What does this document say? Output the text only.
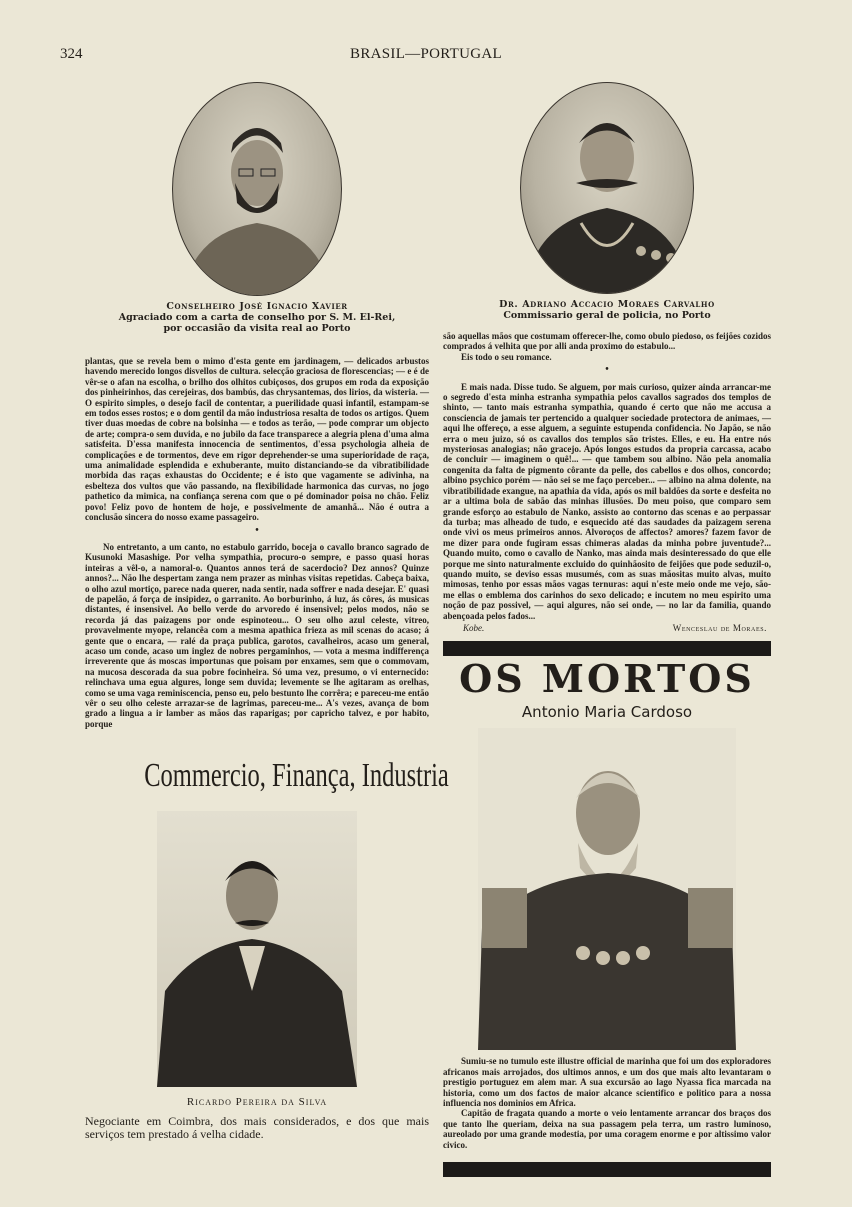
324	BRASIL—PORTUGAL
Conselheiro José Ignacio Xavier
Agraciado com a carta de conselho por S. M. El-Rei,
por occasião da visita real ao Porto

plantas, que se revela bem o mimo d'esta gente em jardinagem, — delicados arbustos havendo merecido longos disvellos de cultura. selecção graciosa de florescencias; — e é de vêr-se o afan na escolha, o brilho dos olhitos cubiçosos, dos grupos em roda da exposição dos pinheirinhos, das cerejeiras, dos bambús, das chrysantemas, dos lirios, da wisteria. — O espirito simples, o desejo facil de contentar, a puerilidade quasi infantil, estampam-se em todos esses rostos; e o dom gentil da mão industriosa resalta de todos os artigos. Quem tiver duas moedas de cobre na bolsinha — e todos as terão, — pode comprar um objecto de arte; compra-o sem duvida, e no jubilo da face transparece a alegria plena d'uma alma satisfeita. D'essa manifesta innocencia de sentimentos, d'essa psychologia alheia de complicações e de tormentos, deve em rigor deprehender-se uma superioridade de raça, uma animalidade esplendida e exhuberante, muito distanciando-se da vibratibilidade morbida das raças exhaustas do Occidente; e é isto que vagamente se adivinha, na esbelteza dos vultos que vão passando, na flexibilidade harmonica das curvas, no jogo pathetico da mimica, na confiança serena com que o pé dominador poisa no chão. Feliz povo! Feliz povo de hontem de hoje, e possivelmente de amanhã... Não é outra a conclusão sincera do nosso exame passageiro.

•

No entretanto, a um canto, no estabulo garrido, boceja o cavallo branco sagrado de Kusunoki Masashige. Por velha sympathia, procuro-o sempre, e passo quasi horas inteiras a vêl-o, a namoral-o. Quantos annos terá de sacerdocio? Dez annos? Quinze annos?... Não lhe despertam zanga nem prazer as minhas visitas repetidas. Cabeça baixa, o olho azul mortiço, parece nada querer, nada sentir, nada soffrer e nada desejar. E' quasi de papelão, á força de insipidez, o garranito. Ao borburinho, á luz, ás côres, ás musicas distantes, é insensivel. Ao bello verde do arvoredo é insensivel; pelos modos, não se recorda já das paizagens por onde espinoteou... O seu olho azul celeste, vitreo, provavelmente myope, relancêa com a mesma apathica frieza as mil scenas do acaso; á gente que o encara, — ralé da praça publica, garotos, cavalheiros, acaso um general, acaso um conde, acaso um inglez de nobres pergaminhos, — vota a mesma indifferença irreverente que ás moscas importunas que poisam por enxames, sem que o commovam, na mucosa descorada da sua pobre focinheira. Só uma vez, presumo, o vi enternecido: relinchava uma egua algures, longe sem duvida; levemente se lhe agitaram as orelhas, como se uma vaga reminiscencia, penso eu, pelo bestunto lhe corrêra; e pareceu-me então vêr o seu olho celeste arrazar-se de lagrimas, pareceu-me... A's vezes, avança de bom grado a lingua a ir lamber as mãos das raparigas; por capricho talvez, e por habito, porque

Commercio, Finança, Industria
Ricardo Pereira da Silva
Negociante em Coimbra, dos mais considerados, e dos que mais serviços tem prestado á velha cidade.
Dr. Adriano Accacio Moraes Carvalho
Commissario geral de policia, no Porto

são aquellas mãos que costumam offerecer-lhe, como obulo piedoso, os feijões cozidos comprados á velhita que por alli anda proximo do estabulo...

Eis todo o seu romance.

•

E mais nada. Disse tudo. Se alguem, por mais curioso, quizer ainda arrancar-me o segredo d'esta minha estranha sympathia pelos cavallos sagrados dos templos de shinto, — tanto mais estranha sympathia, quando é certo que não me accusa a consciencia de jamais ter pertencido a qualquer sociedade protectora de animaes, — aqui lhe offereço, a esse alguem, a seguinte estupenda confidencia. No Japão, se não erra o meu juizo, só os cavallos dos templos são tristes. Elles, e eu. Ha entre nós mysteriosas analogias; não gracejo. Após longos estudos da propria carcassa, acabo de concluir — imaginem o quê!... — que tambem sou albino. Não pela anomalia congenita da falta de pigmento côrante da pelle, dos cabellos e dos olhos, concordo; albino psychico porém — não sei se me faço perceber... — albino na alma dolente, na vibratibilidade exangue, na apathia da vida, após os mil baldões da sorte e desfeita no ar a ultima bola de sabão das minhas illusões. Do meu poiso, que comparo sem grande esforço ao estabulo de Nanko, assisto ao contorno das scenas e ao perpassar da turba; mas alheado de tudo, e esquecido até das saudades da paizagem serena onde vivi os meus primeiros annos. Alvoroços de affectos? amores? fazem favor de me dizer para onde fugiram essas chimeras aladas da minha pobre juventude?... Quando muito, como o cavallo de Nanko, mas ainda mais desinteressado do que elle porque me sinto naturalmente excluido do quinhãosito de feijões que pode seduzil-o, quando muito, se deviso essas musumés, com as suas mãositas muito alvas, muito mimosas, tenho por essas mãos vagas ternuras: aqui n'este meio onde me vejo, são-me ellas o emblema dos carinhos do sexo delicado; e incutem no meu espirito uma noção de paz possivel, — aqui algures, não sei onde, — no lar da familia, quando abençoada pelos fados...

Kobe.	Wenceslau de Moraes.
OS MORTOS
Antonio Maria Cardoso

Sumiu-se no tumulo este illustre official de marinha que foi um dos exploradores africanos mais arrojados, dos ultimos annos, e um dos que mais alto levantaram o prestigio portuguez em alem mar. A sua excursão ao lago Nyassa fica marcada na historia, como um dos factos de maior alcance scientifico e politico para a nossa influencia nos dominios em Africa.

Capitão de fragata quando a morte o veio lentamente arrancar dos braços dos que tanto lhe queriam, deixa na sua passagem pela terra, um rastro luminoso, aureolado por uma grande modestia, por uma coragem enorme e por altissimo valor civico.
